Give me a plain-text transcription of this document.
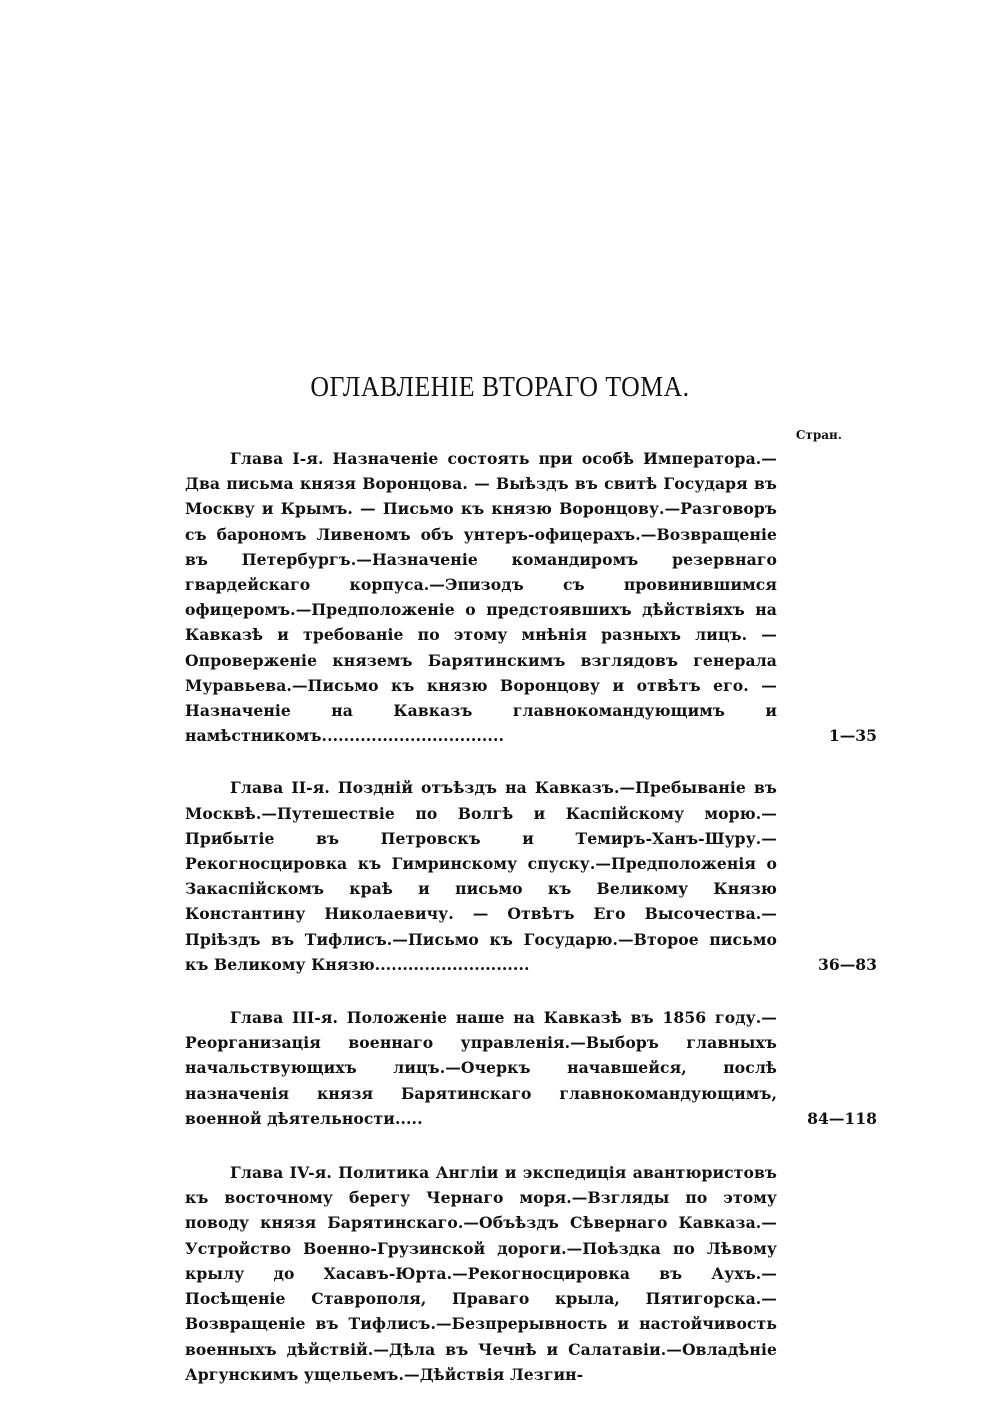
ОГЛАВЛЕНІЕ ВТОРАГО ТОМА.
Стран.
Глава I-я. Назначеніе состоять при особѣ Императора.—Два письма князя Воронцова. — Выѣздъ въ свитѣ Государя въ Москву и Крымъ. — Письмо къ князю Воронцову.—Разговоръ съ барономъ Ливеномъ объ унтеръ-офицерахъ.—Возвращеніе въ Петербургъ.—Назначеніе командиромъ резервнаго гвардейскаго корпуса.—Эпизодъ съ провинившимся офицеромъ.—Предположеніе о предстоявшихъ дѣйствіяхъ на Кавказѣ и требованіе по этому мнѣнія разныхъ лицъ. — Опроверженіе княземъ Барятинскимъ взглядовъ генерала Муравьева.—Письмо къ князю Воронцову и отвѣтъ его. — Назначеніе на Кавказъ главнокомандующимъ и намѣстникомъ.................................	1—35
Глава II-я. Поздній отъѣздъ на Кавказъ.—Пребываніе въ Москвѣ.—Путешествіе по Волгѣ и Каспійскому морю.—Прибытіе въ Петровскъ и Темиръ-Ханъ-Шуру.—Рекогносцировка къ Гимринскому спуску.—Предположенія о Закаспійскомъ краѣ и письмо къ Великому Князю Константину Николаевичу. — Отвѣтъ Его Высочества.—Пріѣздъ въ Тифлисъ.—Письмо къ Государю.—Второе письмо къ Великому Князю............................	36—83
Глава III-я. Положеніе наше на Кавказѣ въ 1856 году.—Реорганизація военнаго управленія.—Выборъ главныхъ начальствующихъ лицъ.—Очеркъ начавшейся, послѣ назначенія князя Барятинскаго главнокомандующимъ, военной дѣятельности.....	84—118
Глава IV-я. Политика Англіи и экспедиція авантюристовъ къ восточному берегу Чернаго моря.—Взгляды по этому поводу князя Барятинскаго.—Объѣздъ Сѣвернаго Кавказа.—Устройство Военно-Грузинской дороги.—Поѣздка по Лѣвому крылу до Хасавъ-Юрта.—Рекогносцировка въ Аухъ.—Посѣщеніе Ставрополя, Праваго крыла, Пятигорска.—Возвращеніе въ Тифлисъ.—Безпрерывность и настойчивость военныхъ дѣйствій.—Дѣла въ Чечнѣ и Салатавіи.—Овладѣніе Аргунскимъ ущельемъ.—Дѣйствія Лезгин-
